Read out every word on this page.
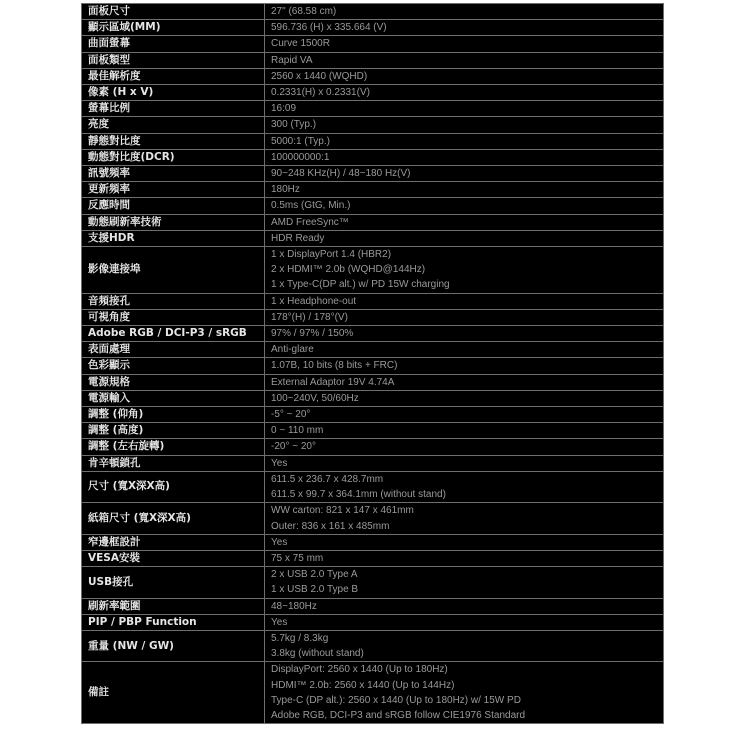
面板尺寸	27" (68.58 cm)

顯示區域(MM)	596.736 (H) x 335.664 (V)

曲面螢幕	Curve 1500R

面板類型	Rapid VA

最佳解析度	2560 x 1440 (WQHD)

像素 (H x V)	0.2331(H) x 0.2331(V)

螢幕比例	16:09

亮度	300 (Typ.)

靜態對比度	5000:1 (Typ.)

動態對比度(DCR)	100000000:1

訊號頻率	90~248 KHz(H) / 48~180 Hz(V)

更新頻率	180Hz

反應時間	0.5ms (GtG, Min.)

動態刷新率技術	AMD FreeSync™

支援HDR	HDR Ready

影像連接埠	1 x DisplayPort 1.4 (HBR2)
2 x HDMI™ 2.0b (WQHD@144Hz)
1 x Type-C(DP alt.) w/ PD 15W charging

音頻接孔	1 x Headphone-out

可視角度	178°(H) / 178°(V)

Adobe RGB / DCI-P3 / sRGB	97% / 97% / 150%

表面處理	Anti-glare

色彩顯示	1.07B, 10 bits (8 bits + FRC)

電源規格	External Adaptor 19V 4.74A

電源輸入	100~240V, 50/60Hz

調整 (仰角)	-5° ~ 20°

調整 (高度)	0 ~ 110 mm

調整 (左右旋轉)	-20° ~ 20°

肯辛頓鎖孔	Yes

尺寸 (寬X深X高)	611.5 x 236.7 x 428.7mm
611.5 x 99.7 x 364.1mm (without stand)

紙箱尺寸 (寬X深X高)	WW carton: 821 x 147 x 461mm
Outer: 836 x 161 x 485mm

窄邊框設計	Yes

VESA安裝	75 x 75 mm

USB接孔	2 x USB 2.0 Type A
1 x USB 2.0 Type B

刷新率範圍	48~180Hz

PIP / PBP Function	Yes

重量 (NW / GW)	5.7kg / 8.3kg
3.8kg (without stand)

備註	DisplayPort: 2560 x 1440 (Up to 180Hz)
HDMI™ 2.0b: 2560 x 1440 (Up to 144Hz)
Type-C (DP alt.): 2560 x 1440 (Up to 180Hz) w/ 15W PD
Adobe RGB, DCI-P3 and sRGB follow CIE1976 Standard
